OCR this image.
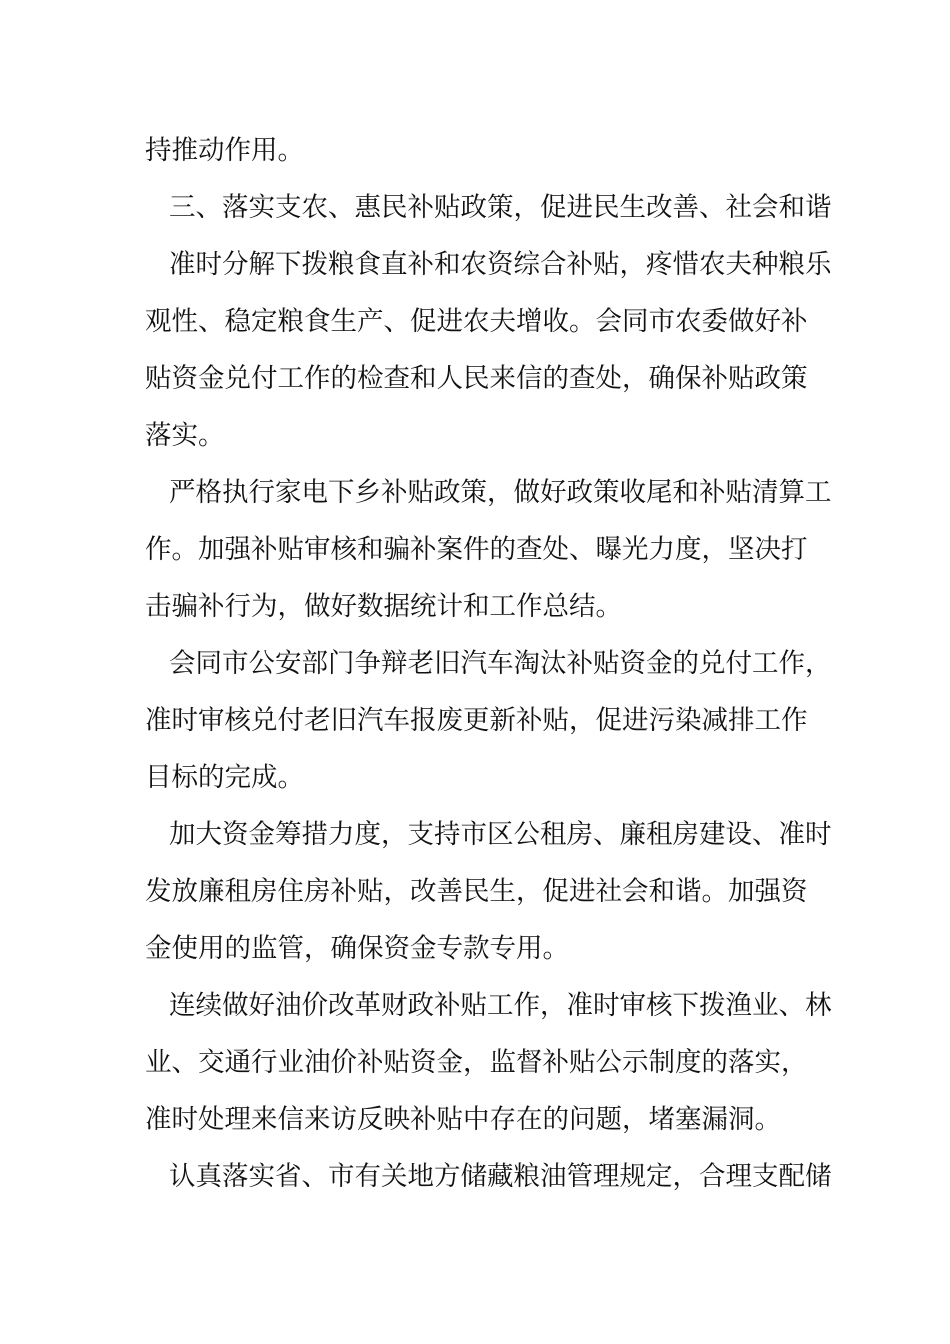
持推动作用。
三、落实支农、惠民补贴政策，促进民生改善、社会和谐
准时分解下拨粮食直补和农资综合补贴，疼惜农夫种粮乐
观性、稳定粮食生产、促进农夫增收。会同市农委做好补
贴资金兑付工作的检查和人民来信的查处，确保补贴政策
落实。
严格执行家电下乡补贴政策，做好政策收尾和补贴清算工
作。加强补贴审核和骗补案件的查处、曝光力度，坚决打
击骗补行为，做好数据统计和工作总结。
会同市公安部门争辩老旧汽车淘汰补贴资金的兑付工作，
准时审核兑付老旧汽车报废更新补贴，促进污染减排工作
目标的完成。
加大资金筹措力度，支持市区公租房、廉租房建设、准时
发放廉租房住房补贴，改善民生，促进社会和谐。加强资
金使用的监管，确保资金专款专用。
连续做好油价改革财政补贴工作，准时审核下拨渔业、林
业、交通行业油价补贴资金，监督补贴公示制度的落实，
准时处理来信来访反映补贴中存在的问题，堵塞漏洞。
认真落实省、市有关地方储藏粮油管理规定，合理支配储
